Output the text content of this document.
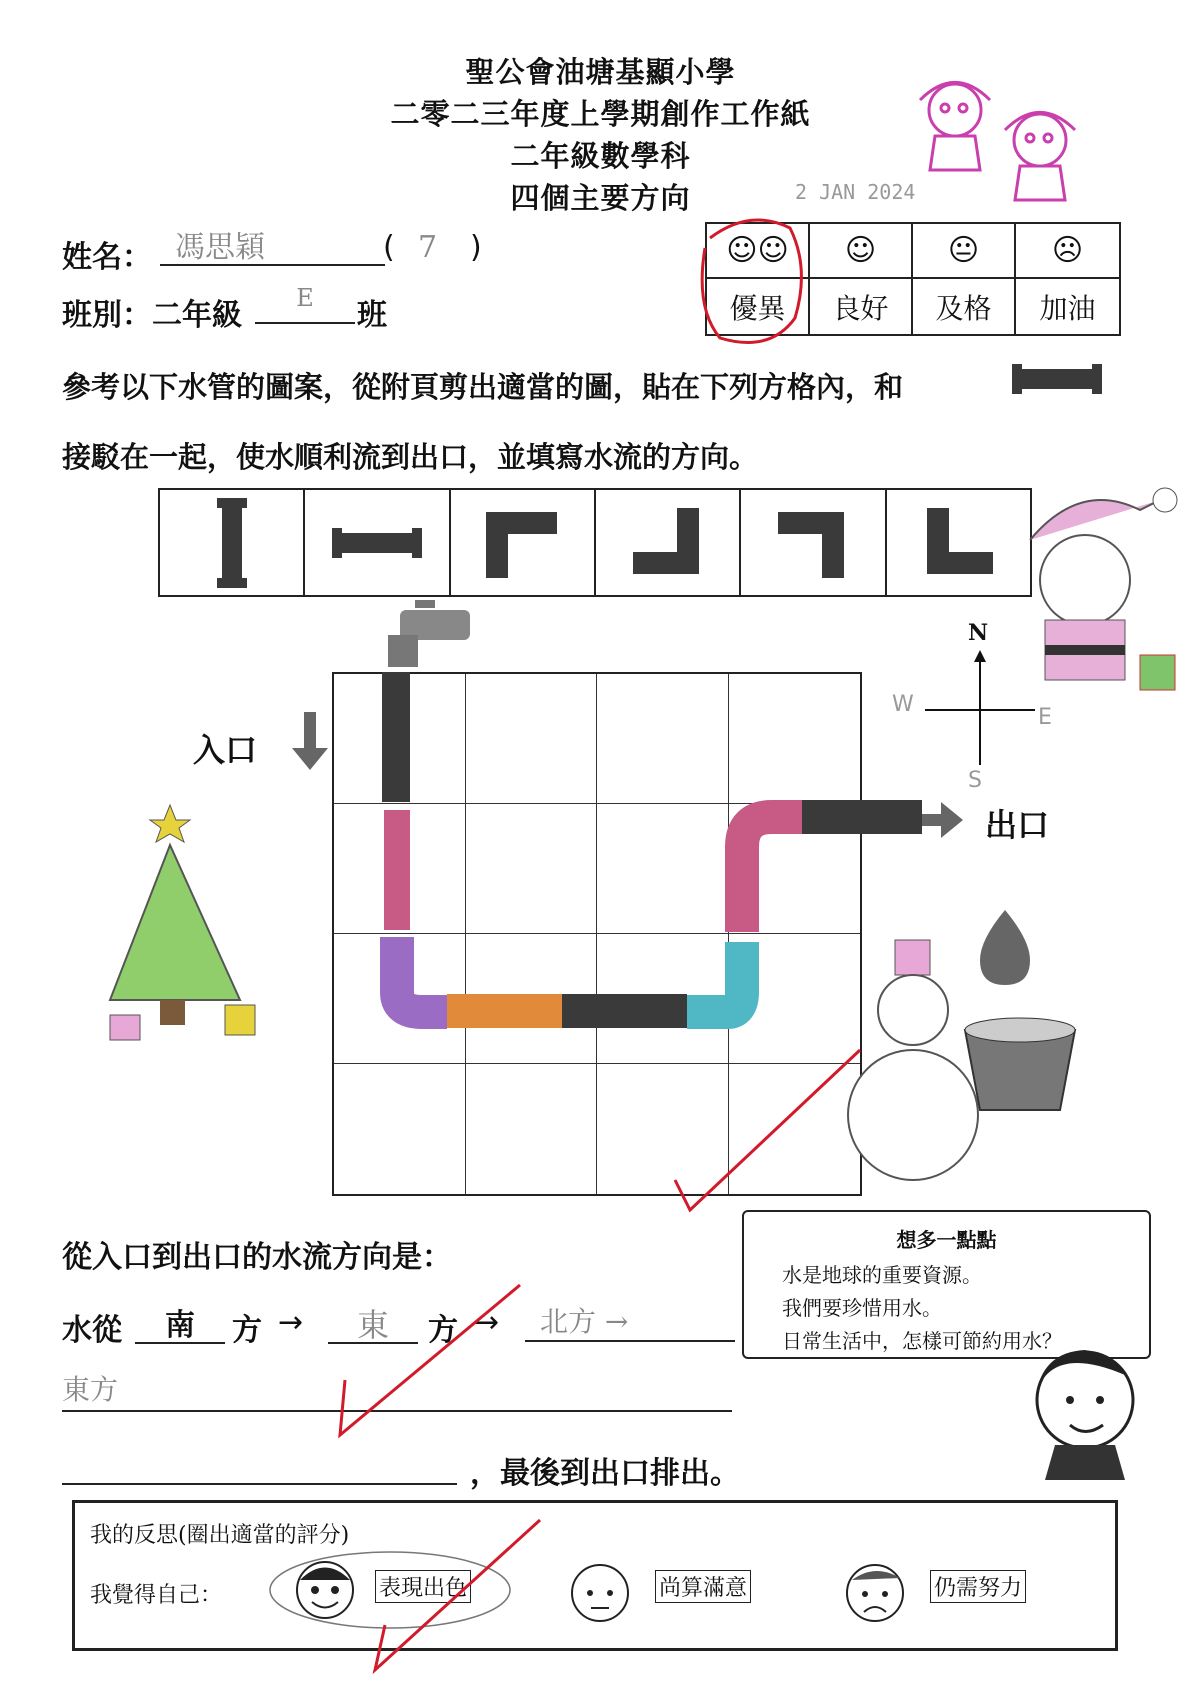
聖公會油塘基顯小學
二零二三年度上學期創作工作紙
二年級數學科
四個主要方向	2 JAN 2024
姓名： 馮思穎	( 7 )
班別：二年級	E	班
☺☺	☺	😐	☹
優異	良好	及格	加油
參考以下水管的圖案，從附頁剪出適當的圖，貼在下列方格內，和
接駁在一起，使水順利流到出口，並填寫水流的方向。
N
S
W
E
入口
出口
從入口到出口的水流方向是：
水從	南	方 →	東	方 →	北方 →
東方
，最後到出口排出。
想多一點點
水是地球的重要資源。
我們要珍惜用水。
日常生活中，怎樣可節約用水？
我的反思(圈出適當的評分)
我覺得自己：	表現出色	尚算滿意	仍需努力
